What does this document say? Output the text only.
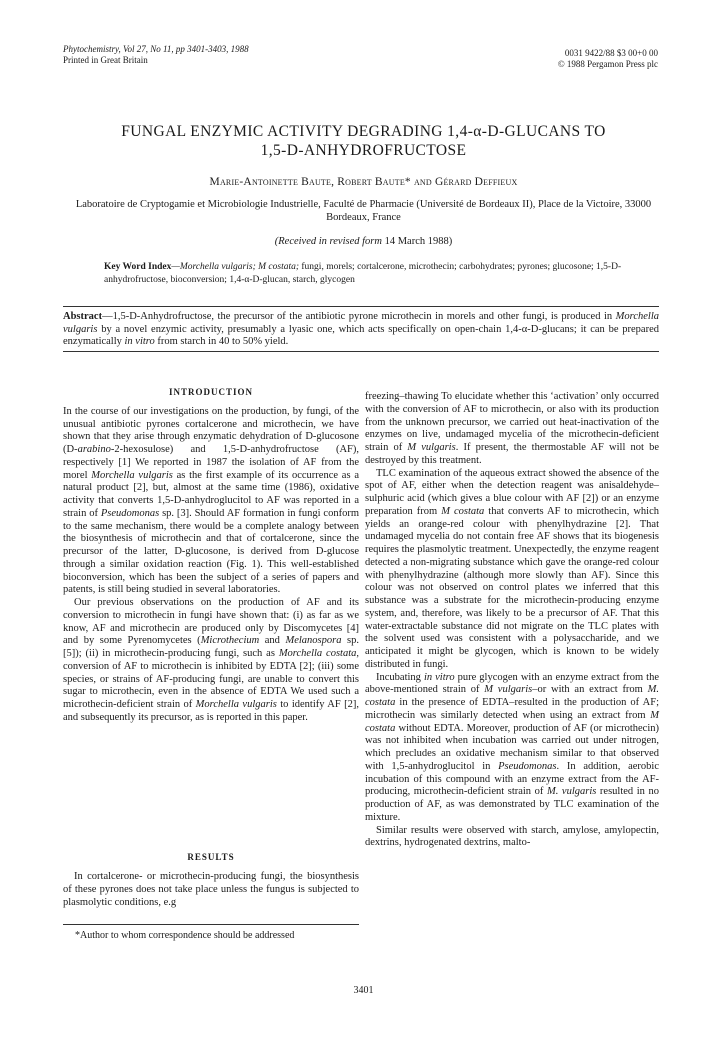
Phytochemistry, Vol 27, No 11, pp 3401-3403, 1988
Printed in Great Britain
0031 9422/88 $3 00+0 00
© 1988 Pergamon Press plc
FUNGAL ENZYMIC ACTIVITY DEGRADING 1,4-α-D-GLUCANS TO
1,5-D-ANHYDROFRUCTOSE
Marie-Antoinette Baute, Robert Baute* and Gérard Deffieux
Laboratoire de Cryptogamie et Microbiologie Industrielle, Faculté de Pharmacie (Université de Bordeaux II), Place de la Victoire, 33000 Bordeaux, France
(Received in revised form 14 March 1988)
Key Word Index—Morchella vulgaris; M costata; fungi, morels; cortalcerone, microthecin; carbohydrates; pyrones; glucosone; 1,5-D-anhydrofructose, bioconversion; 1,4-α-D-glucan, starch, glycogen
Abstract—1,5-D-Anhydrofructose, the precursor of the antibiotic pyrone microthecin in morels and other fungi, is produced in Morchella vulgaris by a novel enzymic activity, presumably a lyasic one, which acts specifically on open-chain 1,4-α-D-glucans; it can be prepared enzymatically in vitro from starch in 40 to 50% yield.
INTRODUCTION

In the course of our investigations on the production, by fungi, of the unusual antibiotic pyrones cortalcerone and microthecin, we have shown that they arise through enzymatic dehydration of D-glucosone (D-arabino-2-hexosulose) and 1,5-D-anhydrofructose (AF), respectively [1] We reported in 1987 the isolation of AF from the morel Morchella vulgaris as the first example of its occurrence as a natural product [2], but, almost at the same time (1986), oxidative activity that converts 1,5-D-anhydroglucitol to AF was reported in a strain of Pseudomonas sp. [3]. Should AF formation in fungi conform to the same mechanism, there would be a complete analogy between the biosynthesis of microthecin and that of cortalcerone, since the precursor of the latter, D-glucosone, is derived from D-glucose through a similar oxidation reaction (Fig. 1). This well-established bioconversion, which has been the subject of a series of papers and patents, is still being studied in several laboratories.

Our previous observations on the production of AF and its conversion to microthecin in fungi have shown that: (i) as far as we know, AF and microthecin are produced only by Discomycetes [4] and by some Pyrenomycetes (Microthecium and Melanospora sp. [5]); (ii) in microthecin-producing fungi, such as Morchella costata, conversion of AF to microthecin is inhibited by EDTA [2]; (iii) some species, or strains of AF-producing fungi, are unable to convert this sugar to microthecin, even in the absence of EDTA We used such a microthecin-deficient strain of Morchella vulgaris to identify AF [2], and subsequently its precursor, as is reported in this paper.

RESULTS
In cortalcerone- or microthecin-producing fungi, the biosynthesis of these pyrones does not take place unless the fungus is subjected to plasmolytic conditions, e.g

freezing–thawing To elucidate whether this ‘activation’ only occurred with the conversion of AF to microthecin, or also with its production from the unknown precursor, we carried out heat-inactivation of the enzymes on live, undamaged mycelia of the microthecin-deficient strain of M vulgaris. If present, the thermostable AF will not be destroyed by this treatment.

TLC examination of the aqueous extract showed the absence of the spot of AF, either when the detection reagent was anisaldehyde–sulphuric acid (which gives a blue colour with AF [2]) or an enzyme preparation from M costata that converts AF to microthecin, which yields an orange-red colour with phenylhydrazine [2]. That undamaged mycelia do not contain free AF shows that its biogenesis requires the plasmolytic treatment. Unexpectedly, the enzyme reagent detected a non-migrating substance which gave the orange-red colour with phenylhydrazine (although more slowly than AF). Since this colour was not observed on control plates we inferred that this substance was a substrate for the microthecin-producing enzyme system, and, therefore, was likely to be a precursor of AF. That this water-extractable substance did not migrate on the TLC plates with the solvent used was consistent with a polysaccharide, and we anticipated it might be glycogen, which is known to be widely distributed in fungi.

Incubating in vitro pure glycogen with an enzyme extract from the above-mentioned strain of M vulgaris–or with an extract from M. costata in the presence of EDTA–resulted in the production of AF; microthecin was similarly detected when using an extract from M costata without EDTA. Moreover, production of AF (or microthecin) was not inhibited when incubation was carried out under nitrogen, which precludes an oxidative mechanism similar to that observed with 1,5-anhydroglucitol in Pseudomonas. In addition, aerobic incubation of this compound with an enzyme extract from the AF-producing, microthecin-deficient strain of M. vulgaris resulted in no production of AF, as was demonstrated by TLC examination of the mixture.

Similar results were observed with starch, amylose, amylopectin, dextrins, hydrogenated dextrins, malto-

*Author to whom correspondence should be addressed
3401
